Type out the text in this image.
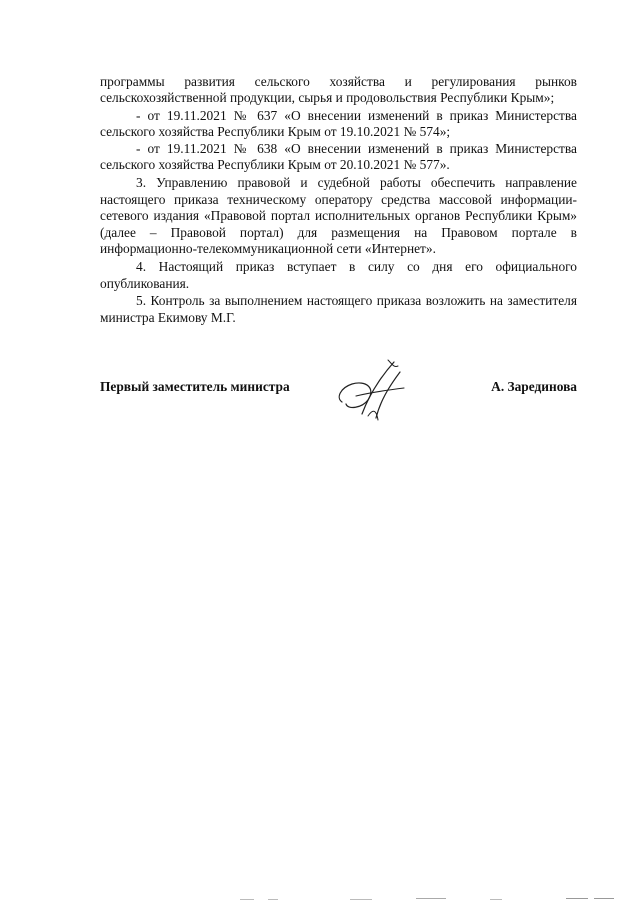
программы развития сельского хозяйства и регулирования рынков сельскохозяйственной продукции, сырья и продовольствия Республики Крым»;

- от 19.11.2021 № 637 «О внесении изменений в приказ Министерства сельского хозяйства Республики Крым от 19.10.2021 № 574»;

- от 19.11.2021 № 638 «О внесении изменений в приказ Министерства сельского хозяйства Республики Крым от 20.10.2021 № 577».

3. Управлению правовой и судебной работы обеспечить направление настоящего приказа техническому оператору средства массовой информации-сетевого издания «Правовой портал исполнительных органов Республики Крым» (далее – Правовой портал) для размещения на Правовом портале в информационно-телекоммуникационной сети «Интернет».

4. Настоящий приказ вступает в силу со дня его официального опубликования.

5. Контроль за выполнением настоящего приказа возложить на заместителя министра Екимову М.Г.

Первый заместитель министра	А. Зарединова
